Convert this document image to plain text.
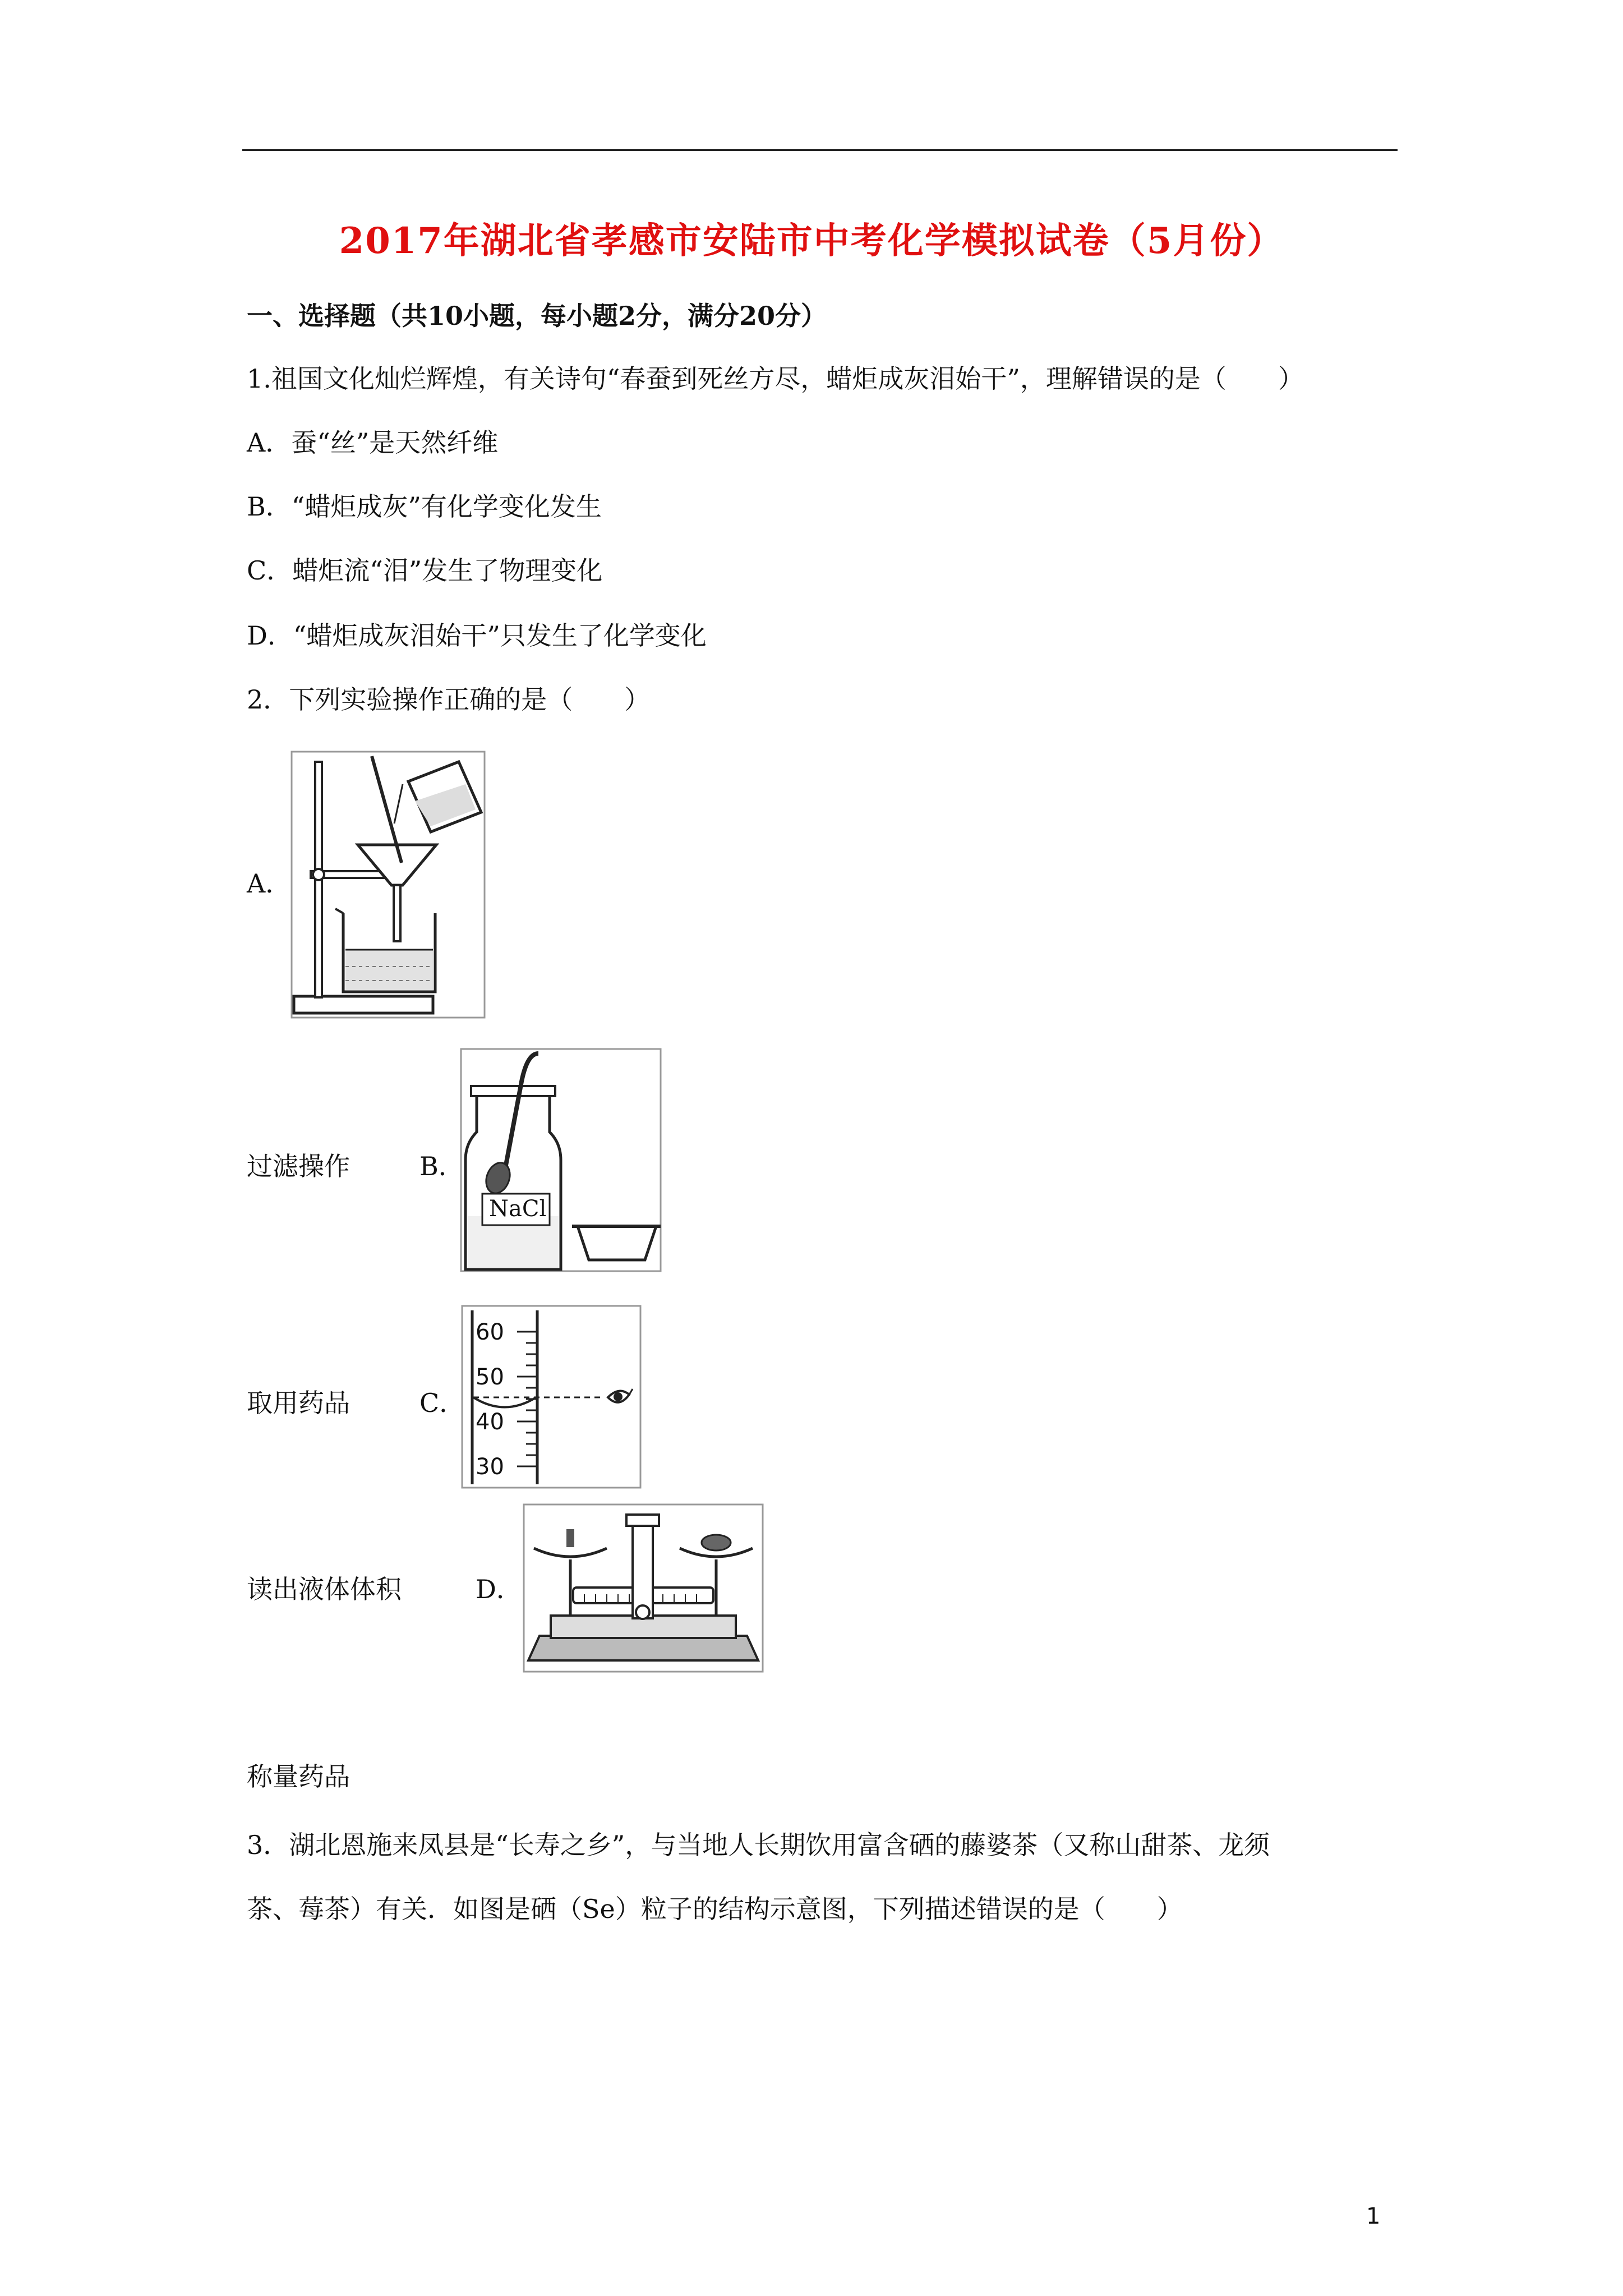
2017年湖北省孝感市安陆市中考化学模拟试卷（5月份）
一、选择题（共10小题，每小题2分，满分20分）
1.祖国文化灿烂辉煌，有关诗句“春蚕到死丝方尽，蜡炬成灰泪始干”，理解错误的是（　　）
A．蚕“丝”是天然纤维
B．“蜡炬成灰”有化学变化发生
C．蜡炬流“泪”发生了物理变化
D．“蜡炬成灰泪始干”只发生了化学变化
2．下列实验操作正确的是（　　）
A．
过滤操作	B．
NaCl
取用药品	C．
60
50
40
30
读出液体体积	D．
称量药品
3．湖北恩施来凤县是“长寿之乡”，与当地人长期饮用富含硒的藤婆茶（又称山甜茶、龙须
茶、莓茶）有关．如图是硒（Se）粒子的结构示意图，下列描述错误的是（　　）
1
